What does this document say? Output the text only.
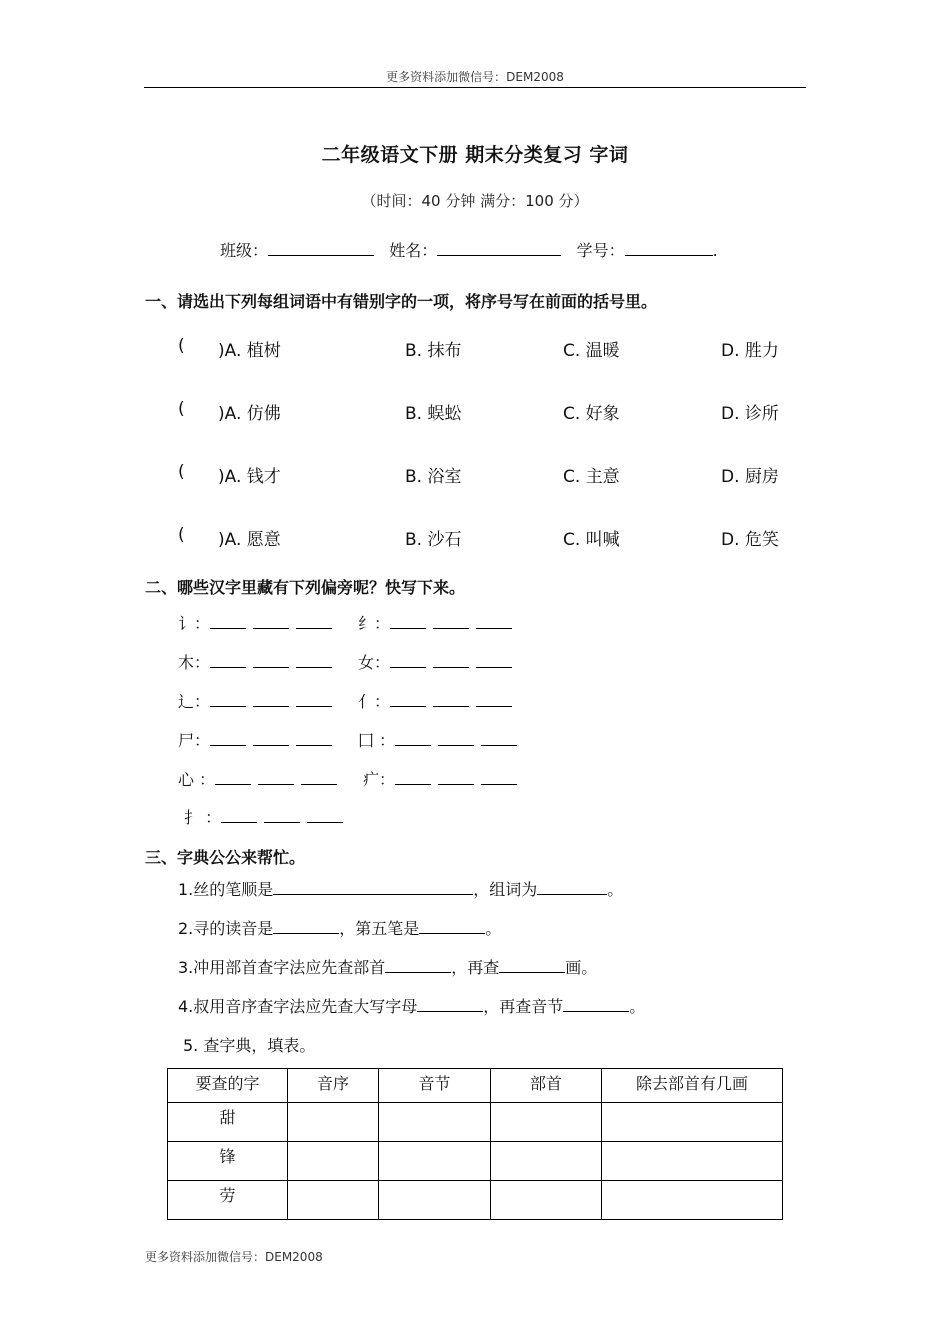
更多资料添加微信号：DEM2008
二年级语文下册 期末分类复习 字词
（时间：40 分钟 满分：100 分）
班级：	姓名：	学号：	.
一、请选出下列每组词语中有错别字的一项，将序号写在前面的括号里。
( )A. 植树	B. 抹布	C. 温暖	D. 胜力
( )A. 仿佛	B. 蜈蚣	C. 好象	D. 诊所
( )A. 钱才	B. 浴室	C. 主意	D. 厨房
( )A. 愿意	B. 沙石	C. 叫喊	D. 危笑
二、哪些汉字里藏有下列偏旁呢？快写下来。
讠：	纟：
木：	女：
辶：	亻：
尸：	囗 ：
心 ：	疒：
扌 ：
三、字典公公来帮忙。
1.丝的笔顺是	，组词为	。
2.寻的读音是	，第五笔是	。
3.冲用部首查字法应先查部首	，再查	画。
4.叔用音序查字法应先查大写字母	，再查音节	。
5. 查字典，填表。
要查的字	音序	音节	部首	除去部首有几画
甜				
锋				
劳				
更多资料添加微信号：DEM2008
